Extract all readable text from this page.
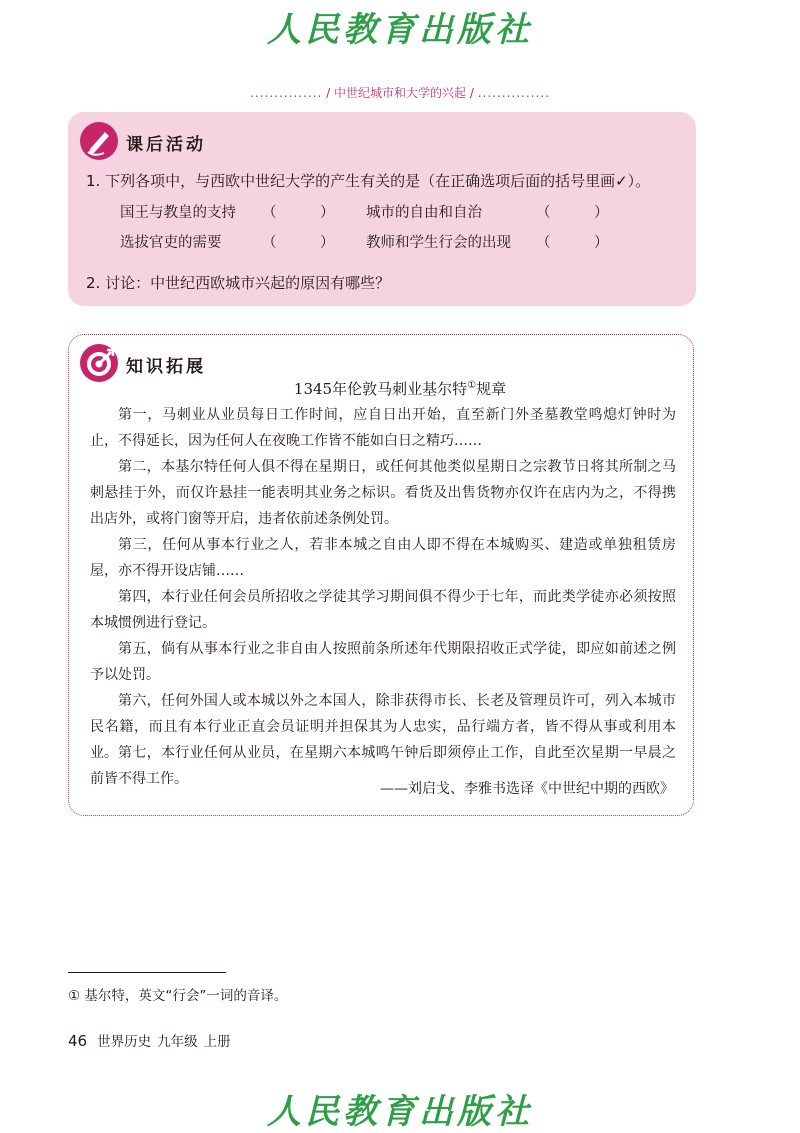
人民教育出版社
............... / 中世纪城市和大学的兴起 / ...............
课后活动
1. 下列各项中，与西欧中世纪大学的产生有关的是（在正确选项后面的括号里画✓）。
国王与教皇的支持 （　　　） 城市的自由和自治	（　　　）
选拔官吏的需要	（　　　） 教师和学生行会的出现 （　　　）
2. 讨论：中世纪西欧城市兴起的原因有哪些？
知识拓展
1345年伦敦马刺业基尔特①规章

第一，马刺业从业员每日工作时间，应自日出开始，直至新门外圣墓教堂鸣熄灯钟时为止，不得延长，因为任何人在夜晚工作皆不能如白日之精巧……

第二，本基尔特任何人俱不得在星期日，或任何其他类似星期日之宗教节日将其所制之马刺悬挂于外，而仅许悬挂一能表明其业务之标识。看货及出售货物亦仅许在店内为之，不得携出店外，或将门窗等开启，违者依前述条例处罚。

第三，任何从事本行业之人，若非本城之自由人即不得在本城购买、建造或单独租赁房屋，亦不得开设店铺……

第四，本行业任何会员所招收之学徒其学习期间俱不得少于七年，而此类学徒亦必须按照本城惯例进行登记。

第五，倘有从事本行业之非自由人按照前条所述年代期限招收正式学徒，即应如前述之例予以处罚。

第六，任何外国人或本城以外之本国人，除非获得市长、长老及管理员许可，列入本城市民名籍，而且有本行业正直会员证明并担保其为人忠实，品行端方者，皆不得从事或利用本业。 第七，本行业任何从业员，在星期六本城鸣午钟后即须停止工作，自此至次星期一早晨之前皆不得工作。

——刘启戈、李雅书选译《中世纪中期的西欧》
① 基尔特，英文“行会”一词的音译。
46 世界历史 九年级 上册
人民教育出版社
